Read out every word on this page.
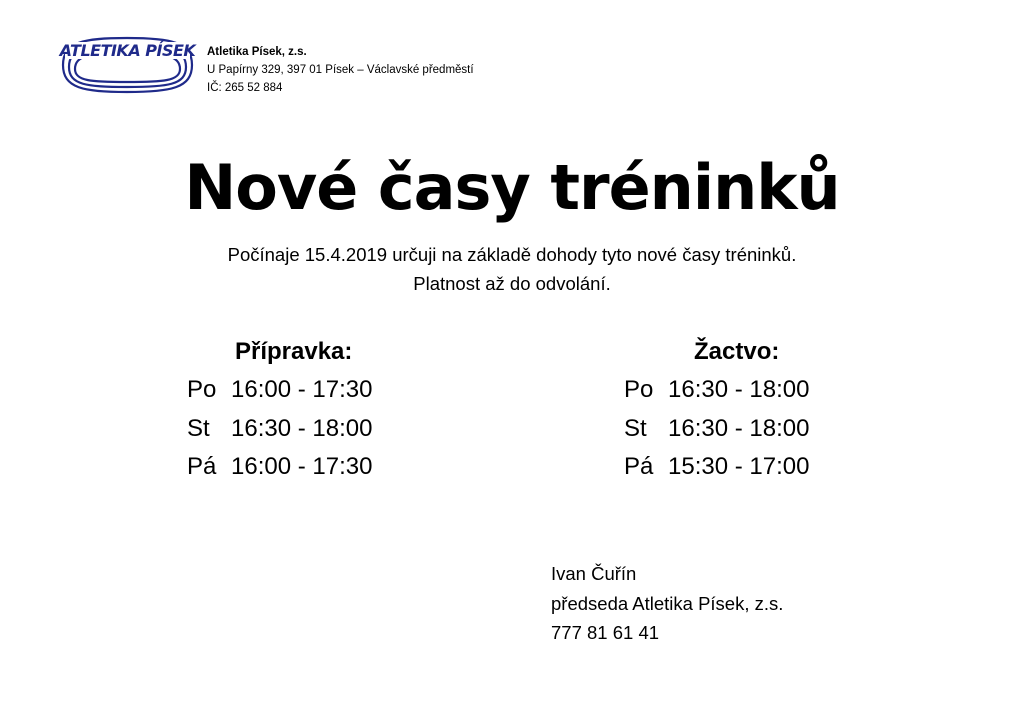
ATLETIKA PÍSEK Atletika Písek, z.s.
U Papírny 329, 397 01 Písek – Václavské předměstí
IČ: 265 52 884
Nové časy tréninků
Počínaje 15.4.2019 určuji na základě dohody tyto nové časy tréninků.
Platnost až do odvolání.
Přípravka:
Po 16:00 - 17:30
St 16:30 - 18:00
Pá 16:00 - 17:30
Žactvo:
Po 16:30 - 18:00
St 16:30 - 18:00
Pá 15:30 - 17:00
Ivan Čuřín
předseda Atletika Písek, z.s.
777 81 61 41
